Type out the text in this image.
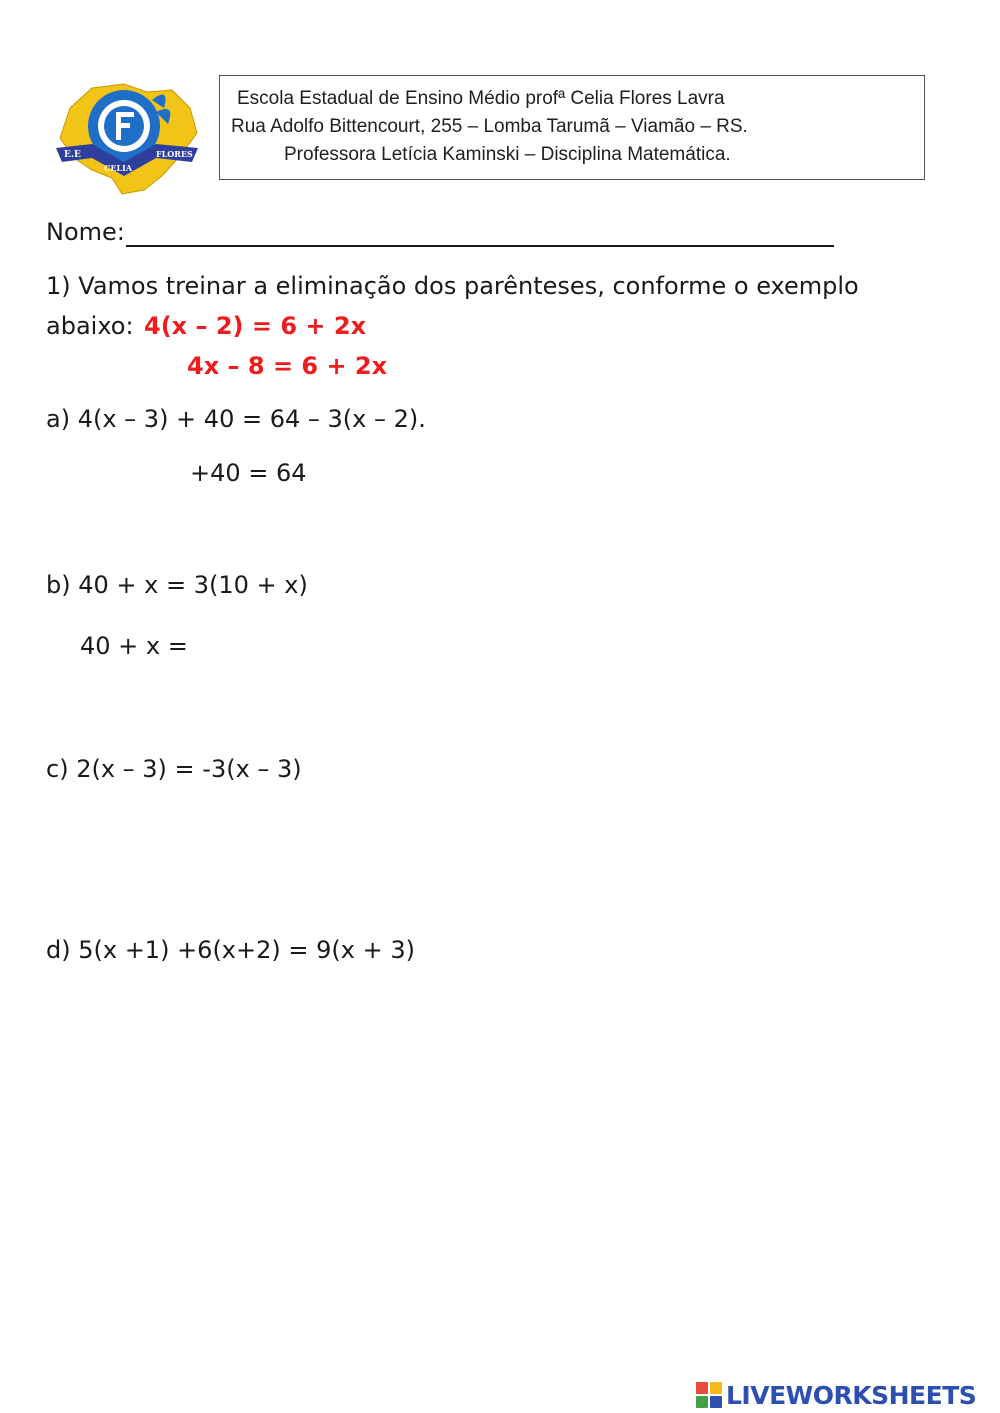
E.E
CELIA
FLORES
Escola Estadual de Ensino Médio profª Celia Flores Lavra
Rua Adolfo Bittencourt, 255 – Lomba Tarumã – Viamão – RS.
Professora Letícia Kaminski – Disciplina Matemática.
Nome:
1) Vamos treinar a eliminação dos parênteses, conforme o exemplo
abaixo: 4(x – 2) = 6 + 2x
4x – 8 = 6 + 2x
a) 4(x – 3) + 40 = 64 – 3(x – 2).
+40 = 64
b) 40 + x = 3(10 + x)
40 + x =
c) 2(x – 3) = -3(x – 3)
d) 5(x +1) +6(x+2) = 9(x + 3)
LIVEWORKSHEETS
